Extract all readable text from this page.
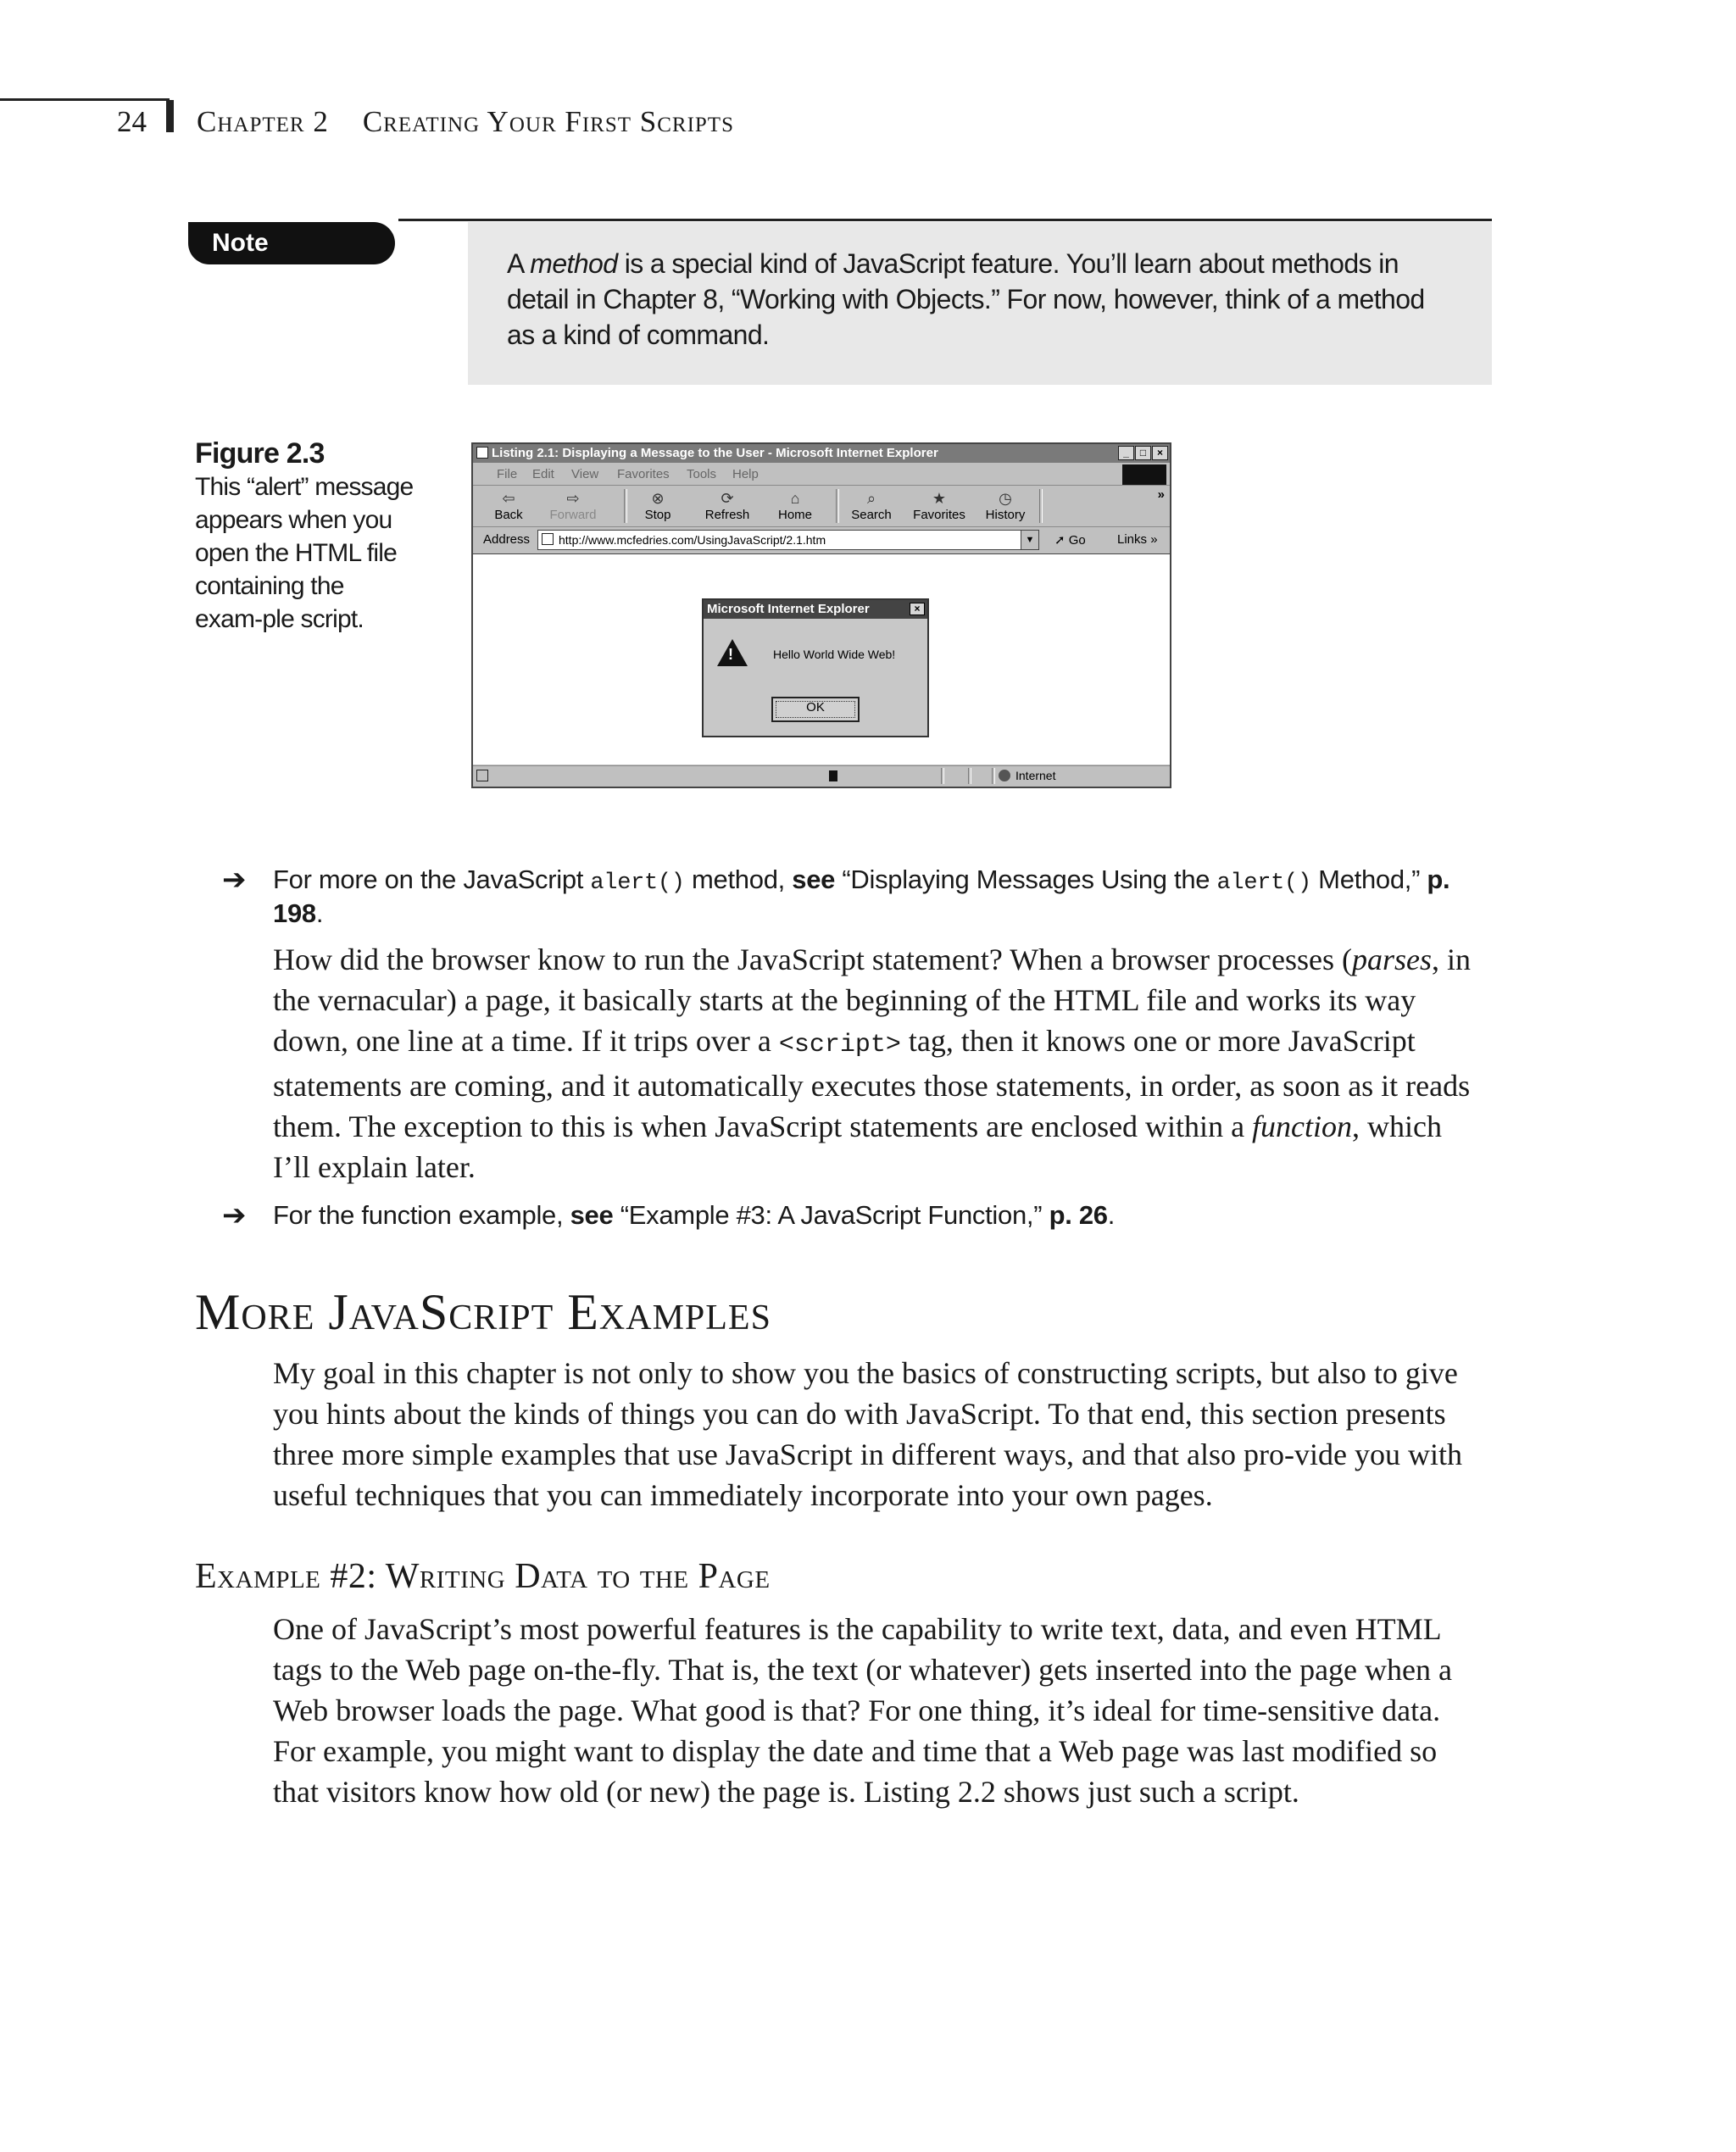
24 Chapter 2 Creating Your First Scripts
Note
A method is a special kind of JavaScript feature. You’ll learn about methods in detail in Chapter 8, “Working with Objects.” For now, however, think of a method as a kind of command.
Figure 2.3
This “alert” message appears when you open the HTML file containing the exam-ple script.
Listing 2.1: Displaying a Message to the User - Microsoft Internet Explorer	_	□	×
File Edit View Favorites Tools Help
⇦
Back
⇨
Forward
⊗
Stop
⟳
Refresh
⌂
Home
⌕
Search
★
Favorites
◷
History
»
Address	http://www.mcfedries.com/UsingJavaScript/2.1.htm	▼	➚ Go Links »
Microsoft Internet Explorer	×
!	Hello World Wide Web!
OK
Internet
➔ For more on the JavaScript alert() method, see “Displaying Messages Using the alert() Method,” p. 198.
How did the browser know to run the JavaScript statement? When a browser processes (parses, in the vernacular) a page, it basically starts at the beginning of the HTML file and works its way down, one line at a time. If it trips over a <script> tag, then it knows one or more JavaScript statements are coming, and it automatically executes those statements, in order, as soon as it reads them. The exception to this is when JavaScript statements are enclosed within a function, which I’ll explain later.
➔ For the function example, see “Example #3: A JavaScript Function,” p. 26.
More JavaScript Examples
My goal in this chapter is not only to show you the basics of constructing scripts, but also to give you hints about the kinds of things you can do with JavaScript. To that end, this section presents three more simple examples that use JavaScript in different ways, and that also pro-vide you with useful techniques that you can immediately incorporate into your own pages.
Example #2: Writing Data to the Page
One of JavaScript’s most powerful features is the capability to write text, data, and even HTML tags to the Web page on-the-fly. That is, the text (or whatever) gets inserted into the page when a Web browser loads the page. What good is that? For one thing, it’s ideal for time-sensitive data. For example, you might want to display the date and time that a Web page was last modified so that visitors know how old (or new) the page is. Listing 2.2 shows just such a script.
